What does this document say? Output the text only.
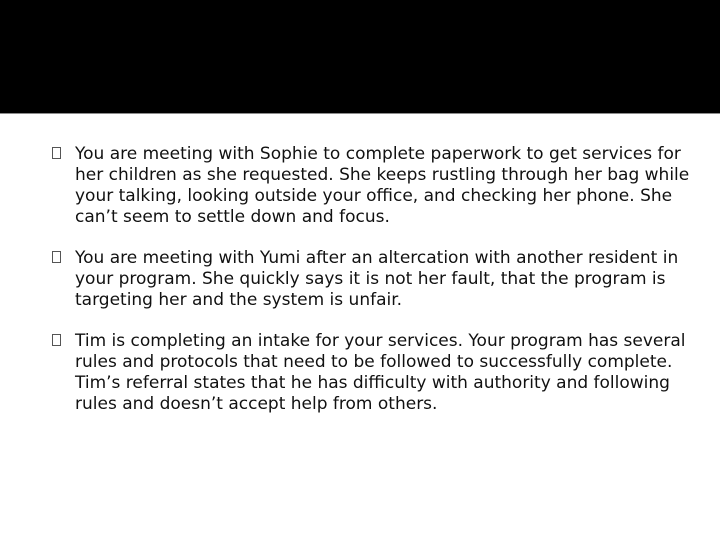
You are meeting with Sophie to complete paperwork to get services for her children as she requested. She keeps rustling through her bag while your talking, looking outside your office, and checking her phone. She can’t seem to settle down and focus.

You are meeting with Yumi after an altercation with another resident in your program. She quickly says it is not her fault, that the program is targeting her and the system is unfair.

Tim is completing an intake for your services. Your program has several rules and protocols that need to be followed to successfully complete. Tim’s referral states that he has difficulty with authority and following rules and doesn’t accept help from others.
